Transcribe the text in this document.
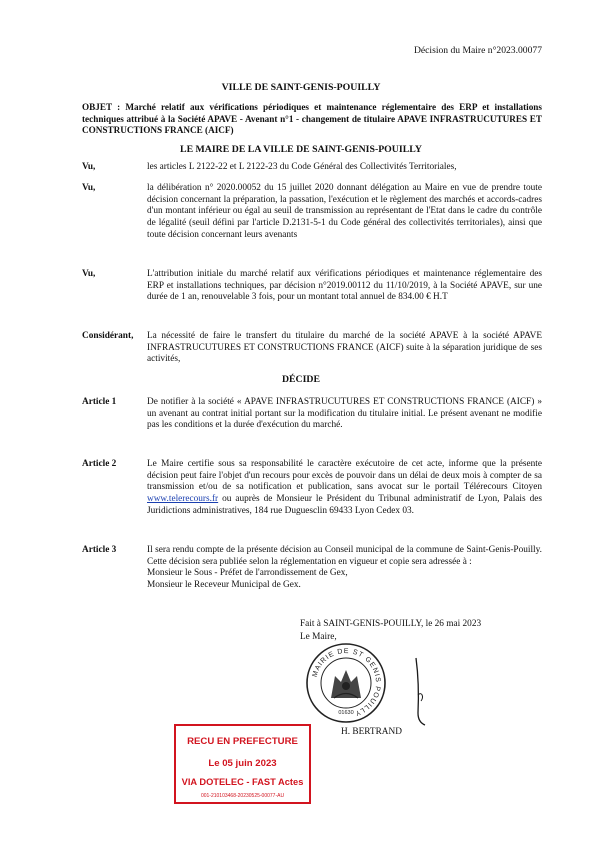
Décision du Maire n°2023.00077
VILLE DE SAINT-GENIS-POUILLY
OBJET : Marché relatif aux vérifications périodiques et maintenance réglementaire des ERP et installations techniques attribué à la Société APAVE - Avenant n°1 - changement de titulaire APAVE INFRASTRUCUTURES ET CONSTRUCTIONS FRANCE (AICF)
LE MAIRE DE LA VILLE DE SAINT-GENIS-POUILLY
Vu,	les articles L 2122-22 et L 2122-23 du Code Général des Collectivités Territoriales,
Vu,	la délibération n° 2020.00052 du 15 juillet 2020 donnant délégation au Maire en vue de prendre toute décision concernant la préparation, la passation, l'exécution et le règlement des marchés et accords-cadres d'un montant inférieur ou égal au seuil de transmission au représentant de l'Etat dans le cadre du contrôle de légalité (seuil défini par l'article D.2131-5-1 du Code général des collectivités territoriales), ainsi que toute décision concernant leurs avenants
Vu,	L'attribution initiale du marché relatif aux vérifications périodiques et maintenance réglementaire des ERP et installations techniques, par décision n°2019.00112 du 11/10/2019, à la Société APAVE, sur une durée de 1 an, renouvelable 3 fois, pour un montant total annuel de 834.00 € H.T
Considérant,	La nécessité de faire le transfert du titulaire du marché de la société APAVE à la société APAVE INFRASTRUCUTURES ET CONSTRUCTIONS FRANCE (AICF) suite à la séparation juridique de ses activités,
DÉCIDE
Article 1	De notifier à la société « APAVE INFRASTRUCUTURES ET CONSTRUCTIONS FRANCE (AICF) » un avenant au contrat initial portant sur la modification du titulaire initial. Le présent avenant ne modifie pas les conditions et la durée d'exécution du marché.
Article 2	Le Maire certifie sous sa responsabilité le caractère exécutoire de cet acte, informe que la présente décision peut faire l'objet d'un recours pour excès de pouvoir dans un délai de deux mois à compter de sa transmission et/ou de sa notification et publication, sans avocat sur le portail Télérecours Citoyen www.telerecours.fr ou auprès de Monsieur le Président du Tribunal administratif de Lyon, Palais des Juridictions administratives, 184 rue Duguesclin 69433 Lyon Cedex 03.
Article 3	Il sera rendu compte de la présente décision au Conseil municipal de la commune de Saint-Genis-Pouilly. Cette décision sera publiée selon la réglementation en vigueur et copie sera adressée à :

Monsieur le Sous - Préfet de l'arrondissement de Gex,

Monsieur le Receveur Municipal de Gex.

Fait à SAINT-GENIS-POUILLY, le 26 mai 2023
Le Maire,
MAIRIE DE ST GENIS POUILLY
01630
H. BERTRAND
RECU EN PREFECTURE
Le 05 juin 2023
VIA DOTELEC - FAST Actes
001-210103468-20230525-00077-AU
